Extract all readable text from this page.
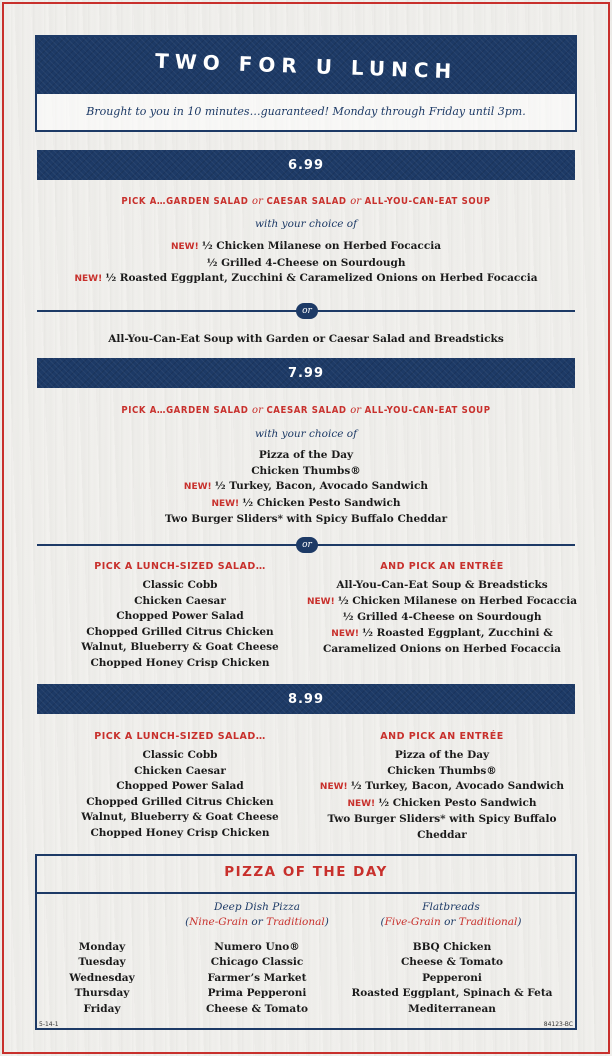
TWO FOR U LUNCH
Brought to you in 10 minutes…guaranteed! Monday through Friday until 3pm.
6.99
PICK A…GARDEN SALAD or CAESAR SALAD or ALL-YOU-CAN-EAT SOUP
with your choice of
NEW! ½ Chicken Milanese on Herbed Focaccia
½ Grilled 4-Cheese on Sourdough
NEW! ½ Roasted Eggplant, Zucchini & Caramelized Onions on Herbed Focaccia
or
All-You-Can-Eat Soup with Garden or Caesar Salad and Breadsticks
7.99
PICK A…GARDEN SALAD or CAESAR SALAD or ALL-YOU-CAN-EAT SOUP
with your choice of
Pizza of the Day
Chicken Thumbs®
NEW! ½ Turkey, Bacon, Avocado Sandwich
NEW! ½ Chicken Pesto Sandwich
Two Burger Sliders* with Spicy Buffalo Cheddar
or
PICK A LUNCH-SIZED SALAD…
Classic Cobb
Chicken Caesar
Chopped Power Salad
Chopped Grilled Citrus Chicken
Walnut, Blueberry & Goat Cheese
Chopped Honey Crisp Chicken
AND PICK AN ENTRÉE
All-You-Can-Eat Soup & Breadsticks
NEW! ½ Chicken Milanese on Herbed Focaccia
½ Grilled 4-Cheese on Sourdough
NEW! ½ Roasted Eggplant, Zucchini &
Caramelized Onions on Herbed Focaccia
8.99
PICK A LUNCH-SIZED SALAD…
Classic Cobb
Chicken Caesar
Chopped Power Salad
Chopped Grilled Citrus Chicken
Walnut, Blueberry & Goat Cheese
Chopped Honey Crisp Chicken
AND PICK AN ENTRÉE
Pizza of the Day
Chicken Thumbs®
NEW! ½ Turkey, Bacon, Avocado Sandwich
NEW! ½ Chicken Pesto Sandwich
Two Burger Sliders* with Spicy Buffalo Cheddar
PIZZA OF THE DAY
Deep Dish Pizza
(Nine-Grain or Traditional)
Flatbreads
(Five-Grain or Traditional)
Monday
Tuesday
Wednesday
Thursday
Friday
Numero Uno®
Chicago Classic
Farmer’s Market
Prima Pepperoni
Cheese & Tomato
BBQ Chicken
Cheese & Tomato
Pepperoni
Roasted Eggplant, Spinach & Feta
Mediterranean
5-14-1	84123-BC
